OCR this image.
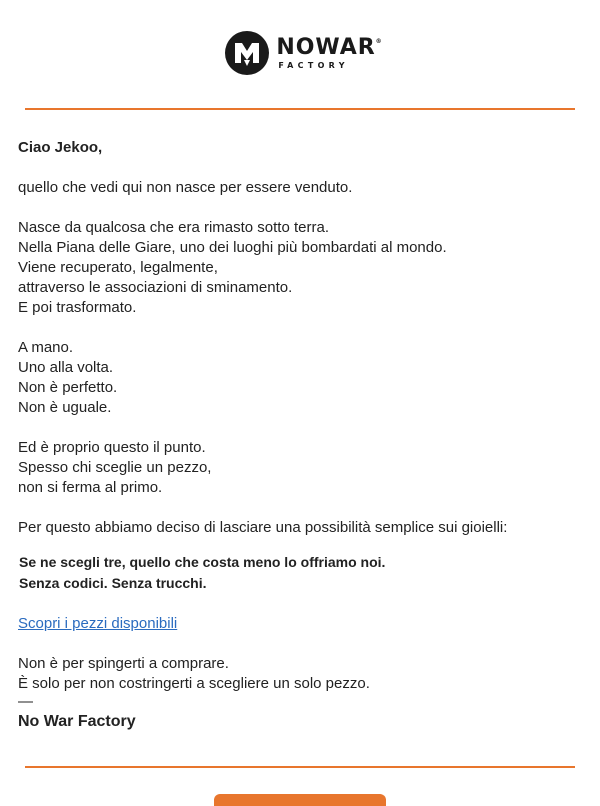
NOWAR ®
FACTORY

Ciao Jekoo,

quello che vedi qui non nasce per essere venduto.

Nasce da qualcosa che era rimasto sotto terra.
Nella Piana delle Giare, uno dei luoghi più bombardati al mondo.
Viene recuperato, legalmente,
attraverso le associazioni di sminamento.
E poi trasformato.

A mano.
Uno alla volta.
Non è perfetto.
Non è uguale.

Ed è proprio questo il punto.
Spesso chi sceglie un pezzo,
non si ferma al primo.

Per questo abbiamo deciso di lasciare una possibilità semplice sui gioielli:

Se ne scegli tre, quello che costa meno lo offriamo noi.
Senza codici. Senza trucchi.

Scopri i pezzi disponibili

Non è per spingerti a comprare.
È solo per non costringerti a scegliere un solo pezzo.

—
No War Factory
